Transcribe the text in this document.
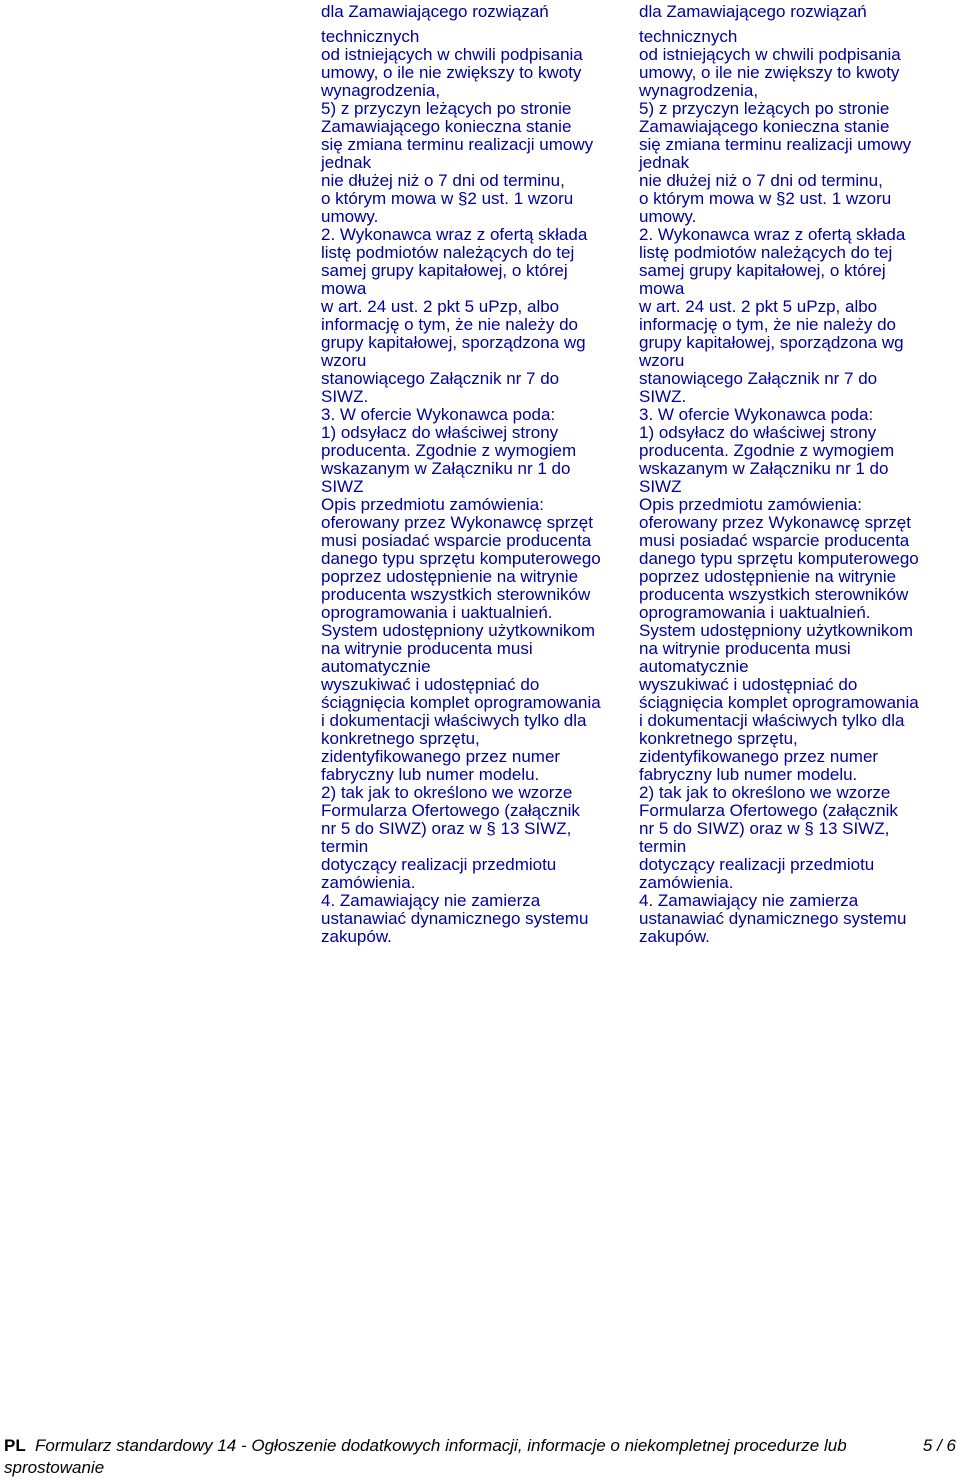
dla Zamawiającego rozwiązań
technicznych
od istniejących w chwili podpisania
umowy, o ile nie zwiększy to kwoty
wynagrodzenia,
5) z przyczyn leżących po stronie
Zamawiającego konieczna stanie
się zmiana terminu realizacji umowy
jednak
nie dłużej niż o 7 dni od terminu,
o którym mowa w §2 ust. 1 wzoru
umowy.
2. Wykonawca wraz z ofertą składa
listę podmiotów należących do tej
samej grupy kapitałowej, o której
mowa
w art. 24 ust. 2 pkt 5 uPzp, albo
informację o tym, że nie należy do
grupy kapitałowej, sporządzona wg
wzoru
stanowiącego Załącznik nr 7 do
SIWZ.
3. W ofercie Wykonawca poda:
1) odsyłacz do właściwej strony
producenta. Zgodnie z wymogiem
wskazanym w Załączniku nr 1 do
SIWZ
Opis przedmiotu zamówienia:
oferowany przez Wykonawcę sprzęt
musi posiadać wsparcie producenta
danego typu sprzętu komputerowego
poprzez udostępnienie na witrynie
producenta wszystkich sterowników
oprogramowania i uaktualnień.
System udostępniony użytkownikom
na witrynie producenta musi
automatycznie
wyszukiwać i udostępniać do
ściągnięcia komplet oprogramowania
i dokumentacji właściwych tylko dla
konkretnego sprzętu,
zidentyfikowanego przez numer
fabryczny lub numer modelu.
2) tak jak to określono we wzorze
Formularza Ofertowego (załącznik
nr 5 do SIWZ) oraz w § 13 SIWZ,
termin
dotyczący realizacji przedmiotu
zamówienia.
4. Zamawiający nie zamierza
ustanawiać dynamicznego systemu
zakupów.
dla Zamawiającego rozwiązań
technicznych
od istniejących w chwili podpisania
umowy, o ile nie zwiększy to kwoty
wynagrodzenia,
5) z przyczyn leżących po stronie
Zamawiającego konieczna stanie
się zmiana terminu realizacji umowy
jednak
nie dłużej niż o 7 dni od terminu,
o którym mowa w §2 ust. 1 wzoru
umowy.
2. Wykonawca wraz z ofertą składa
listę podmiotów należących do tej
samej grupy kapitałowej, o której
mowa
w art. 24 ust. 2 pkt 5 uPzp, albo
informację o tym, że nie należy do
grupy kapitałowej, sporządzona wg
wzoru
stanowiącego Załącznik nr 7 do
SIWZ.
3. W ofercie Wykonawca poda:
1) odsyłacz do właściwej strony
producenta. Zgodnie z wymogiem
wskazanym w Załączniku nr 1 do
SIWZ
Opis przedmiotu zamówienia:
oferowany przez Wykonawcę sprzęt
musi posiadać wsparcie producenta
danego typu sprzętu komputerowego
poprzez udostępnienie na witrynie
producenta wszystkich sterowników
oprogramowania i uaktualnień.
System udostępniony użytkownikom
na witrynie producenta musi
automatycznie
wyszukiwać i udostępniać do
ściągnięcia komplet oprogramowania
i dokumentacji właściwych tylko dla
konkretnego sprzętu,
zidentyfikowanego przez numer
fabryczny lub numer modelu.
2) tak jak to określono we wzorze
Formularza Ofertowego (załącznik
nr 5 do SIWZ) oraz w § 13 SIWZ,
termin
dotyczący realizacji przedmiotu
zamówienia.
4. Zamawiający nie zamierza
ustanawiać dynamicznego systemu
zakupów.
PL Formularz standardowy 14 - Ogłoszenie dodatkowych informacji, informacje o niekompletnej procedurze lub
sprostowanie
5 / 6
